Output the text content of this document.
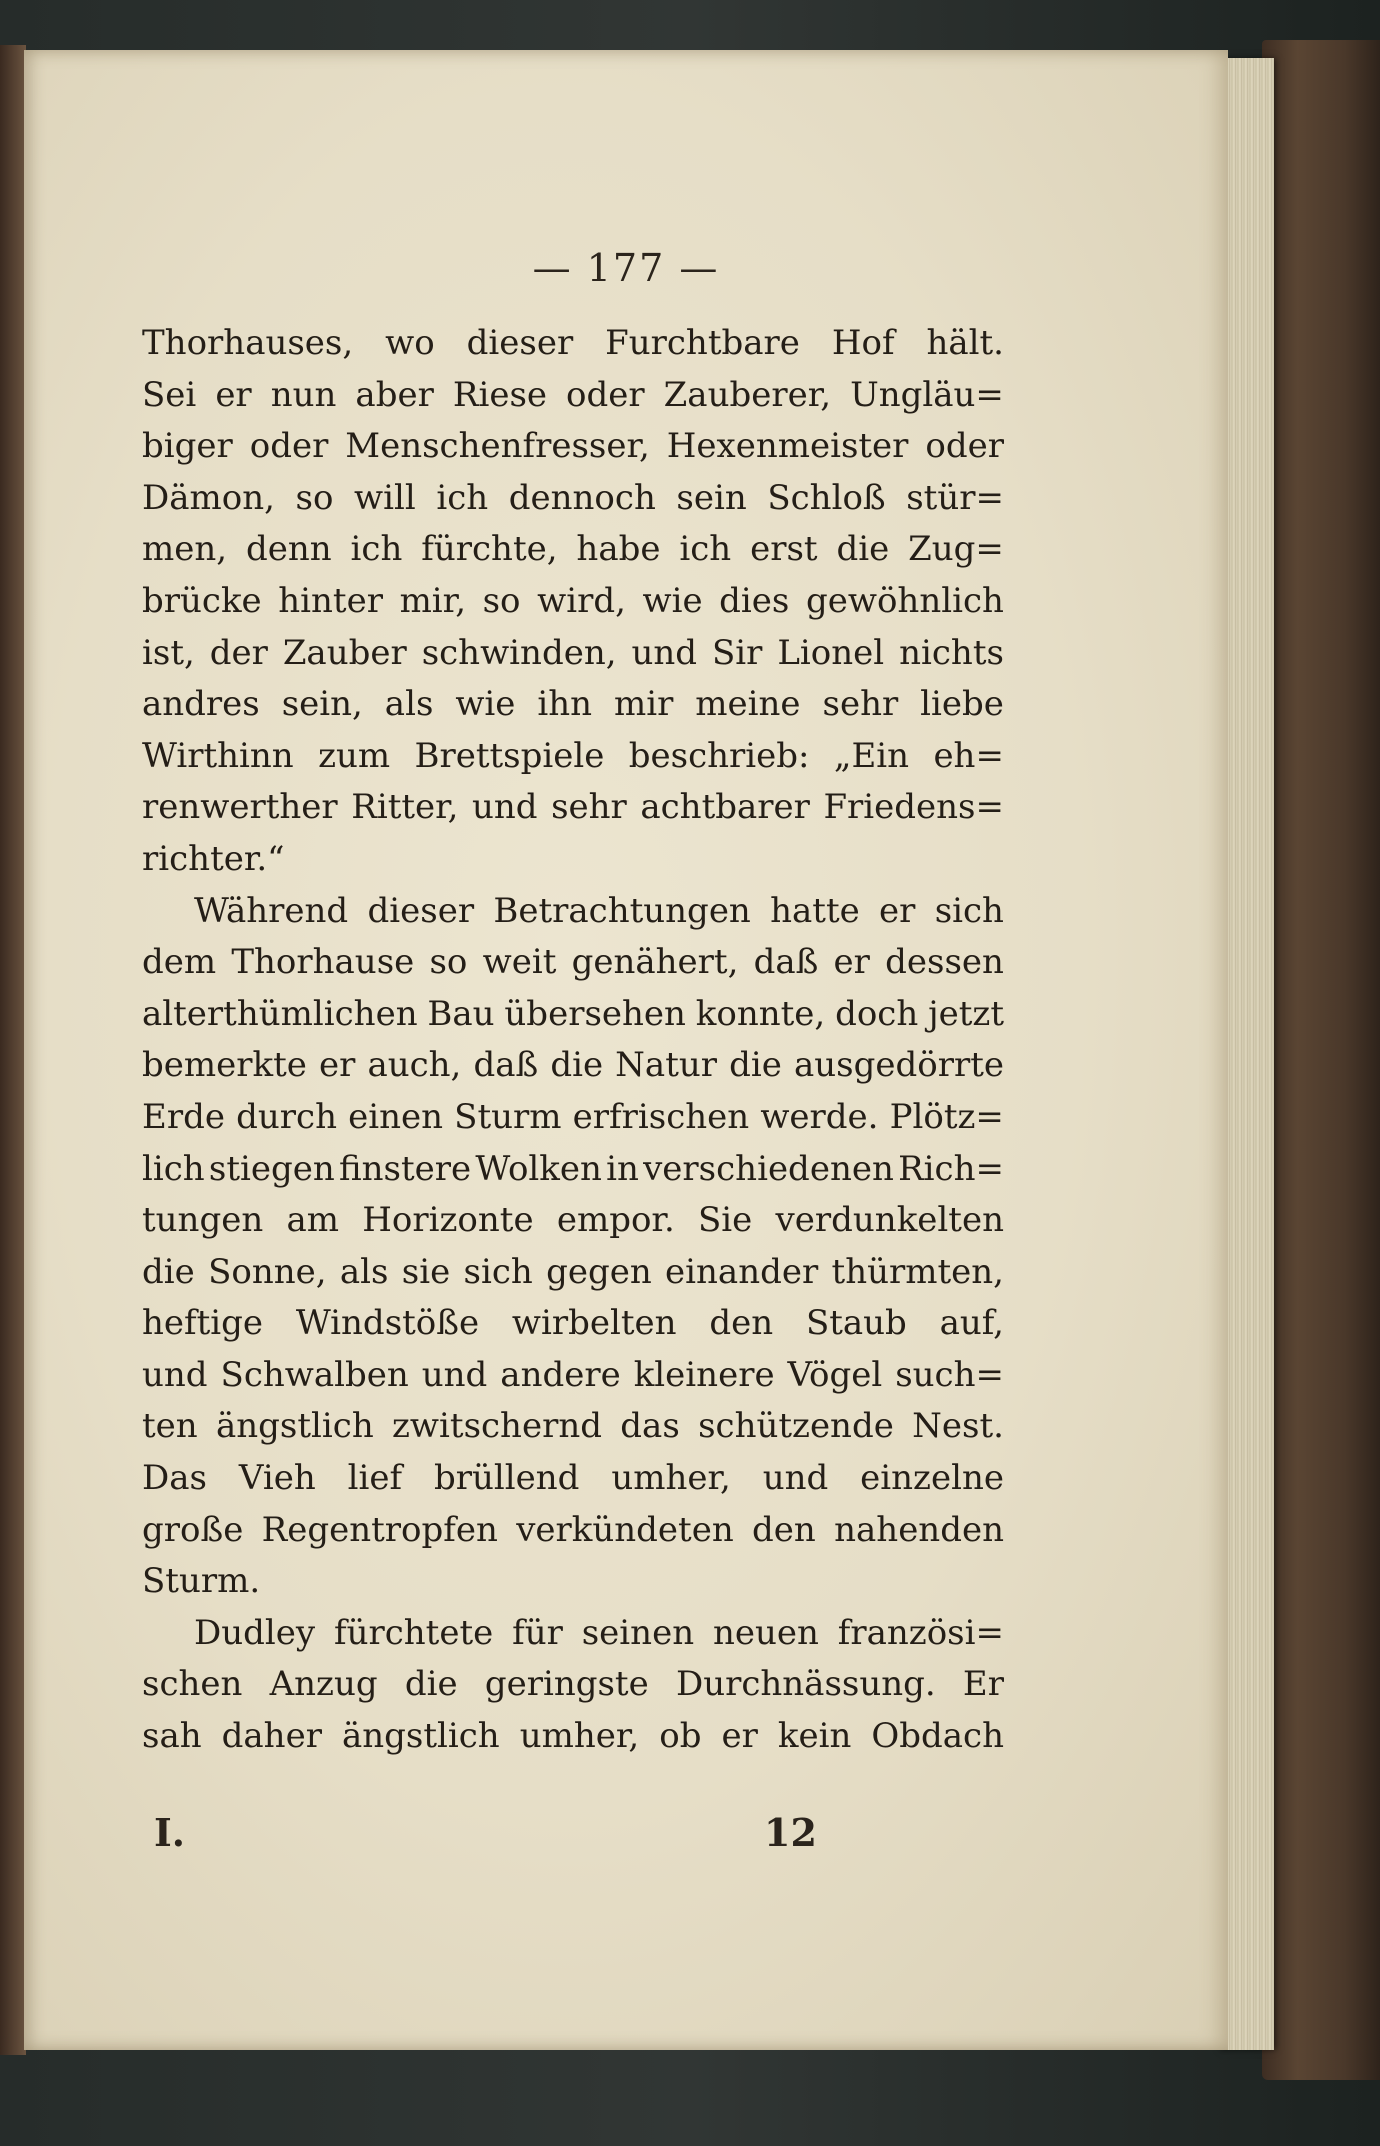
— 177 —
Thorhauses, wo dieser Furchtbare Hof hält.
Sei er nun aber Riese oder Zauberer, Ungläu=
biger oder Menschenfresser, Hexenmeister oder
Dämon, so will ich dennoch sein Schloß stür=
men, denn ich fürchte, habe ich erst die Zug=
brücke hinter mir, so wird, wie dies gewöhnlich
ist, der Zauber schwinden, und Sir Lionel nichts
andres sein, als wie ihn mir meine sehr liebe
Wirthinn zum Brettspiele beschrieb: „Ein eh=
renwerther Ritter, und sehr achtbarer Friedens=
richter.“
Während dieser Betrachtungen hatte er sich
dem Thorhause so weit genähert, daß er dessen
alterthümlichen Bau übersehen konnte, doch jetzt
bemerkte er auch, daß die Natur die ausgedörrte
Erde durch einen Sturm erfrischen werde. Plötz=
lich stiegen finstere Wolken in verschiedenen Rich=
tungen am Horizonte empor. Sie verdunkelten
die Sonne, als sie sich gegen einander thürmten,
heftige Windstöße wirbelten den Staub auf,
und Schwalben und andere kleinere Vögel such=
ten ängstlich zwitschernd das schützende Nest.
Das Vieh lief brüllend umher, und einzelne
große Regentropfen verkündeten den nahenden
Sturm.
Dudley fürchtete für seinen neuen französi=
schen Anzug die geringste Durchnässung. Er
sah daher ängstlich umher, ob er kein Obdach
I.	12
